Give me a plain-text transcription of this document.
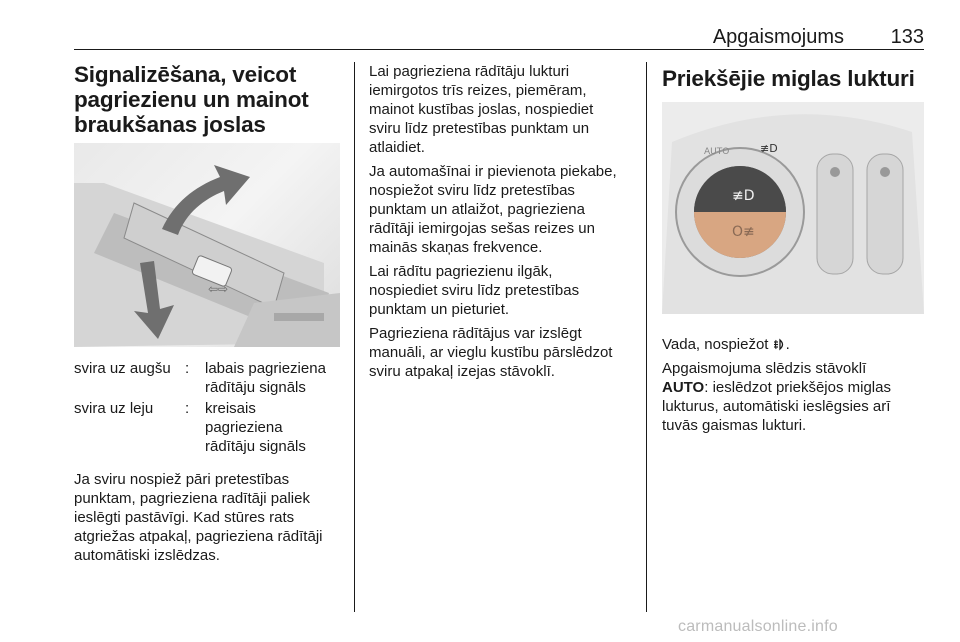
Apgaismojums 133
Signalizēšana, veicot
pagriezienu un mainot
braukšanas joslas
⇦⇨
svira uz augšu	:	labais pagrieziena
rādītāju signāls
svira uz leju	:	kreisais
pagrieziena
rādītāju signāls

Ja sviru nospiež pāri pretestības
punktam, pagrieziena radītāji paliek
ieslēgti pastāvīgi. Kad stūres rats
atgriežas atpakaļ, pagrieziena rādītāji
automātiski izslēdzas.

Lai pagrieziena rādītāju lukturi
iemirgotos trīs reizes, piemēram,
mainot kustības joslas, nospiediet
sviru līdz pretestības punktam un
atlaidiet.

Ja automašīnai ir pievienota piekabe,
nospiežot sviru līdz pretestības
punktam un atlaižot, pagrieziena
rādītāji iemirgojas sešas reizes un
mainās skaņas frekvence.

Lai rādītu pagriezienu ilgāk,
nospiediet sviru līdz pretestības
punktam un pieturiet.

Pagrieziena rādītājus var izslēgt
manuāli, ar vieglu kustību pārslēdzot
sviru atpakaļ izejas stāvoklī.

Priekšējie miglas lukturi
≢D
O≢
AUTO	≢D

Vada, nospiežot .

Apgaismojuma slēdzis stāvoklī
AUTO: ieslēdzot priekšējos miglas
lukturus, automātiski ieslēgsies arī
tuvās gaismas lukturi.

carmanualsonline.info
